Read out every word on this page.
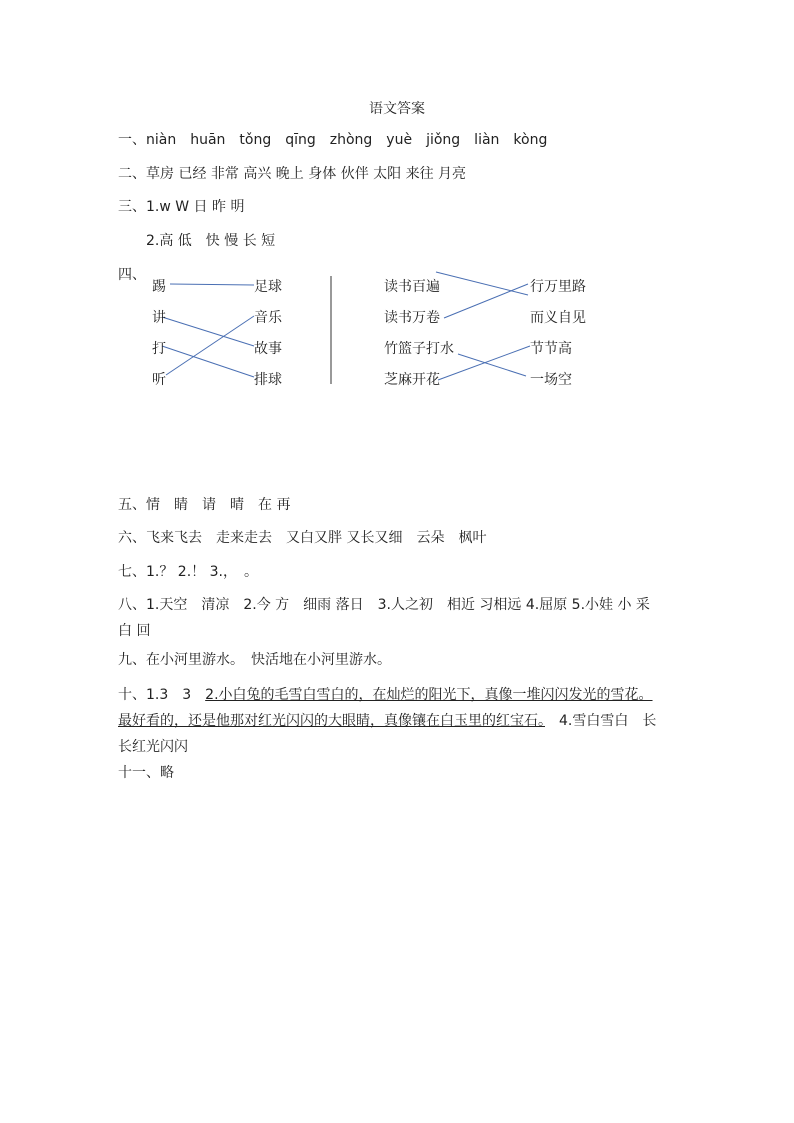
语文答案
一、niàn　huān　tǒng　qīng　zhòng　yuè　jiǒng　liàn　kòng
二、草房 已经 非常 高兴 晚上 身体 伙伴 太阳 来往 月亮
三、1.w W 日 昨 明
2.高 低　快 慢 长 短
四、
踢
讲
打
听
足球
音乐
故事
排球
读书百遍
读书万卷
竹篮子打水
芝麻开花
行万里路
而义自见
节节高
一场空
五、情　睛　请　晴　在 再
六、飞来飞去　走来走去　又白又胖 又长又细　云朵　枫叶
七、1.？ 2.！ 3.，　。
八、1.天空　清凉　2.今 方　细雨 落日　3.人之初　相近 习相远 4.屈原 5.小娃 小 采白 回
九、在小河里游水。　快活地在小河里游水。
十、1.3　3　2.小白兔的毛雪白雪白的，在灿烂的阳光下，真像一堆闪闪发光的雪花。最好看的，还是他那对红光闪闪的大眼睛，真像镶在白玉里的红宝石。　4.雪白雪白　长长红光闪闪
十一、略
